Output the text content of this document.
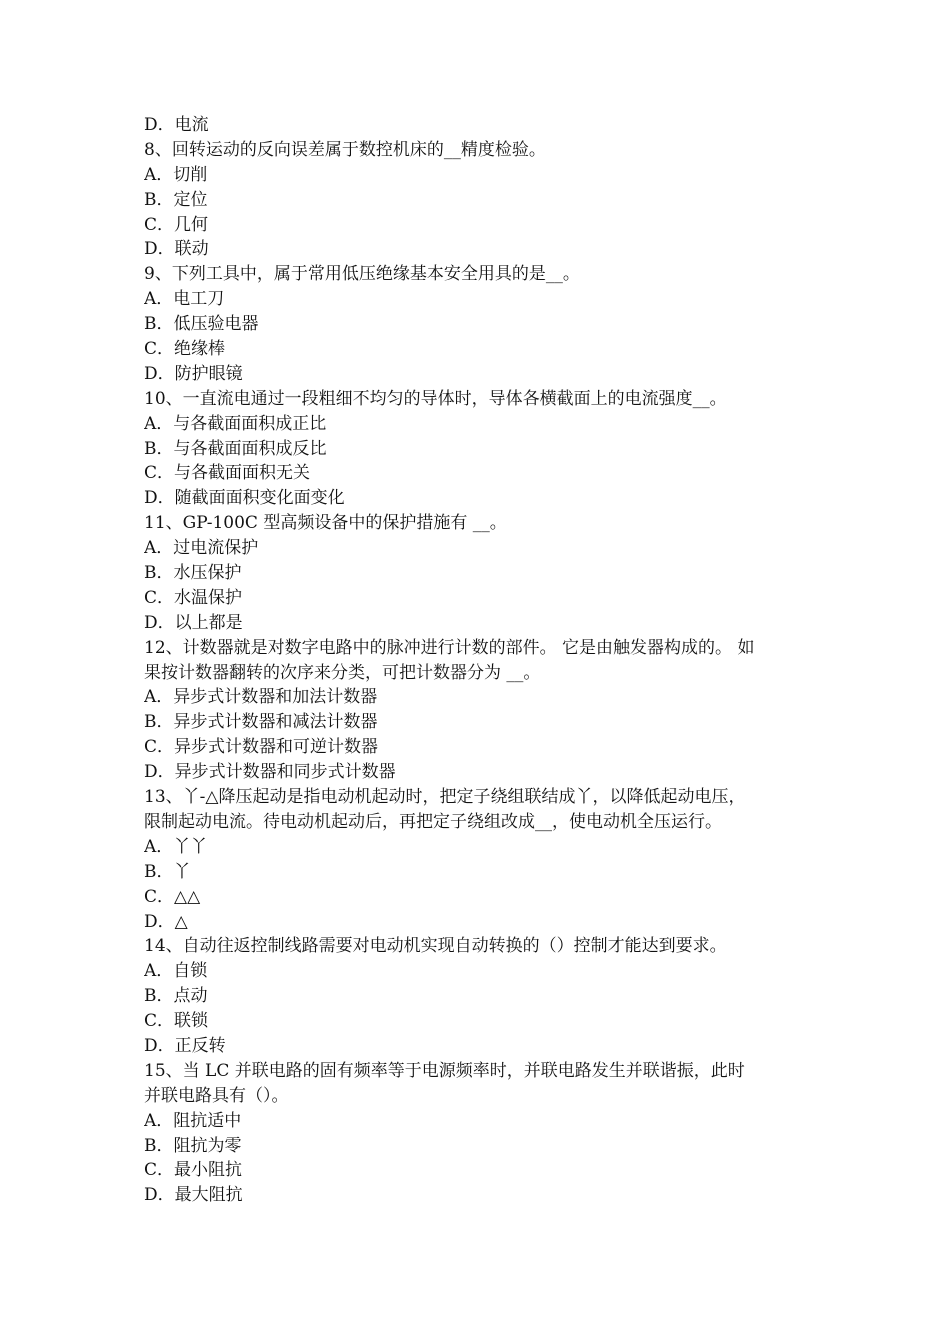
D．电流
8、回转运动的反向误差属于数控机床的__精度检验。
A．切削
B．定位
C．几何
D．联动
9、下列工具中，属于常用低压绝缘基本安全用具的是__。
A．电工刀
B．低压验电器
C．绝缘棒
D．防护眼镜
10、一直流电通过一段粗细不均匀的导体时，导体各横截面上的电流强度__。
A．与各截面面积成正比
B．与各截面面积成反比
C．与各截面面积无关
D．随截面面积变化面变化
11、GP-100C 型高频设备中的保护措施有 __。
A．过电流保护
B．水压保护
C．水温保护
D．以上都是
12、计数器就是对数字电路中的脉冲进行计数的部件。 它是由触发器构成的。 如
果按计数器翻转的次序来分类，可把计数器分为 __。
A．异步式计数器和加法计数器
B．异步式计数器和减法计数器
C．异步式计数器和可逆计数器
D．异步式计数器和同步式计数器
13、丫-△降压起动是指电动机起动时，把定子绕组联结成丫，以降低起动电压，
限制起动电流。待电动机起动后，再把定子绕组改成__，使电动机全压运行。
A．丫丫
B．丫
C．△△
D．△
14、自动往返控制线路需要对电动机实现自动转换的（）控制才能达到要求。
A．自锁
B．点动
C．联锁
D．正反转
15、当 LC 并联电路的固有频率等于电源频率时，并联电路发生并联谐振，此时
并联电路具有（）。
A．阻抗适中
B．阻抗为零
C．最小阻抗
D．最大阻抗
